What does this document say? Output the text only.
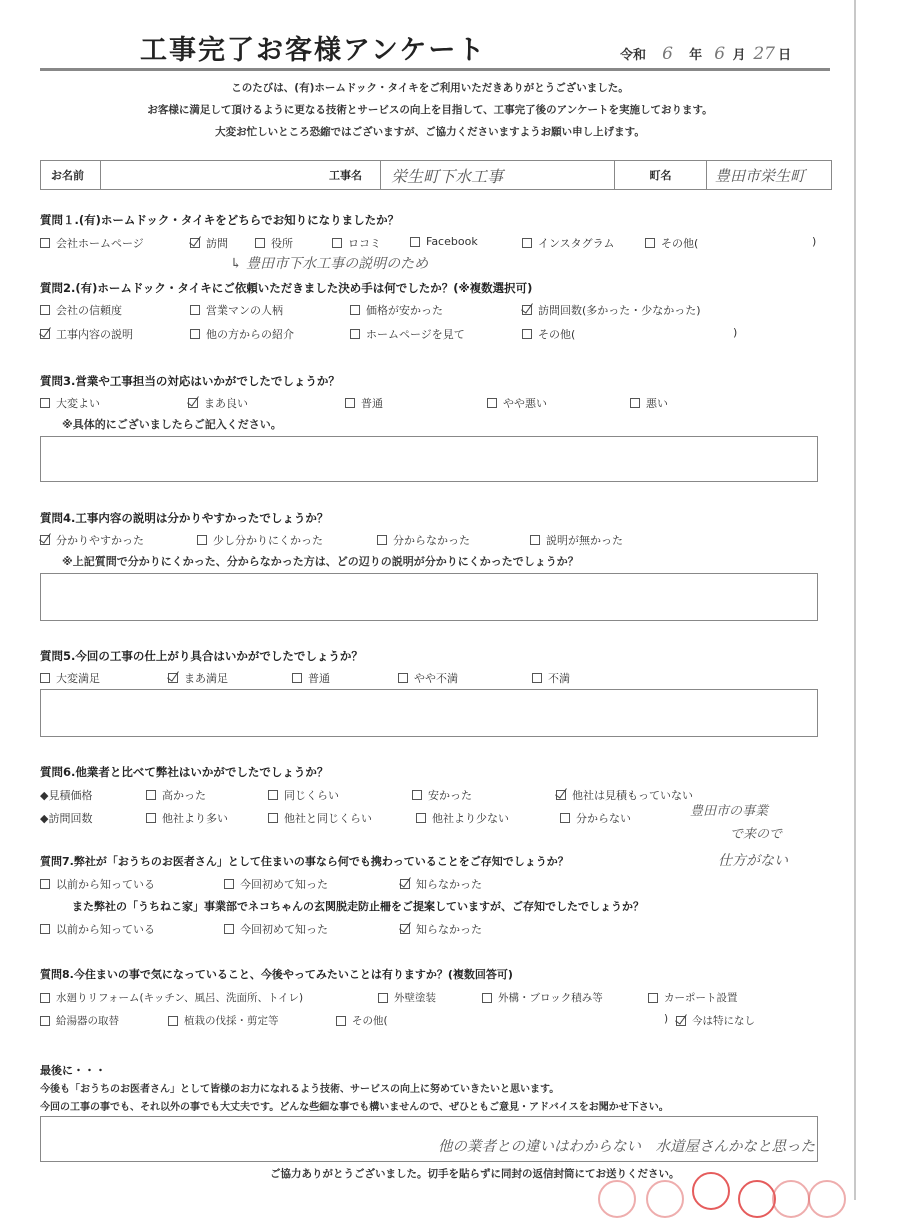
工事完了お客様アンケート	令和 6 年 6 月 27 日
このたびは、(有)ホームドック・タイキをご利用いただきありがとうございました。
お客様に満足して頂けるように更なる技術とサービスの向上を目指して、工事完了後のアンケートを実施しております。
大変お忙しいところ恐縮ではございますが、ご協力くださいますようお願い申し上げます。
お名前	工事名	栄生町下水工事	町名	豊田市栄生町
質問１.(有)ホームドック・タイキをどちらでお知りになりましたか？
会社ホームページ	訪問	役所	ロコミ	Facebook	インスタグラム	その他(	)
↳ 豊田市下水工事の説明のため
質問2.(有)ホームドック・タイキにご依頼いただきました決め手は何でしたか？(※複数選択可)
会社の信頼度	営業マンの人柄	価格が安かった	訪問回数(多かった・少なかった)
工事内容の説明	他の方からの紹介	ホームページを見て	その他(	)
質問3.営業や工事担当の対応はいかがでしたでしょうか？
大変よい	まあ良い	普通	やや悪い	悪い
※具体的にございましたらご記入ください。
質問4.工事内容の説明は分かりやすかったでしょうか？
分かりやすかった	少し分かりにくかった	分からなかった	説明が無かった
※上記質問で分かりにくかった、分からなかった方は、どの辺りの説明が分かりにくかったでしょうか？
質問5.今回の工事の仕上がり具合はいかがでしたでしょうか？
大変満足	まあ満足	普通	やや不満	不満
質問6.他業者と比べて弊社はいかがでしたでしょうか？
◆見積価格	高かった	同じくらい	安かった	他社は見積もっていない
◆訪問回数	他社より多い	他社と同じくらい	他社より少ない	分からない	豊田市の事業
で来ので
仕方がない
質問7.弊社が「おうちのお医者さん」として住まいの事なら何でも携わっていることをご存知でしょうか？
以前から知っている	今回初めて知った	知らなかった
また弊社の「うちねこ家」事業部でネコちゃんの玄関脱走防止柵をご提案していますが、ご存知でしたでしょうか？
以前から知っている	今回初めて知った	知らなかった
質問8.今住まいの事で気になっていること、今後やってみたいことは有りますか？(複数回答可)
水廻りリフォーム(キッチン、風呂、洗面所、トイレ)	外壁塗装	外構・ブロック積み等	カーポート設置
給湯器の取替	植栽の伐採・剪定等	その他(	) 今は特になし
最後に・・・
今後も「おうちのお医者さん」として皆様のお力になれるよう技術、サービスの向上に努めていきたいと思います。
今回の工事の事でも、それ以外の事でも大丈夫です。どんな些細な事でも構いませんので、ぜひともご意見・アドバイスをお聞かせ下さい。
他の業者との違いはわからない　水道屋さんかなと思った
ご協力ありがとうございました。切手を貼らずに同封の返信封筒にてお送りください。
